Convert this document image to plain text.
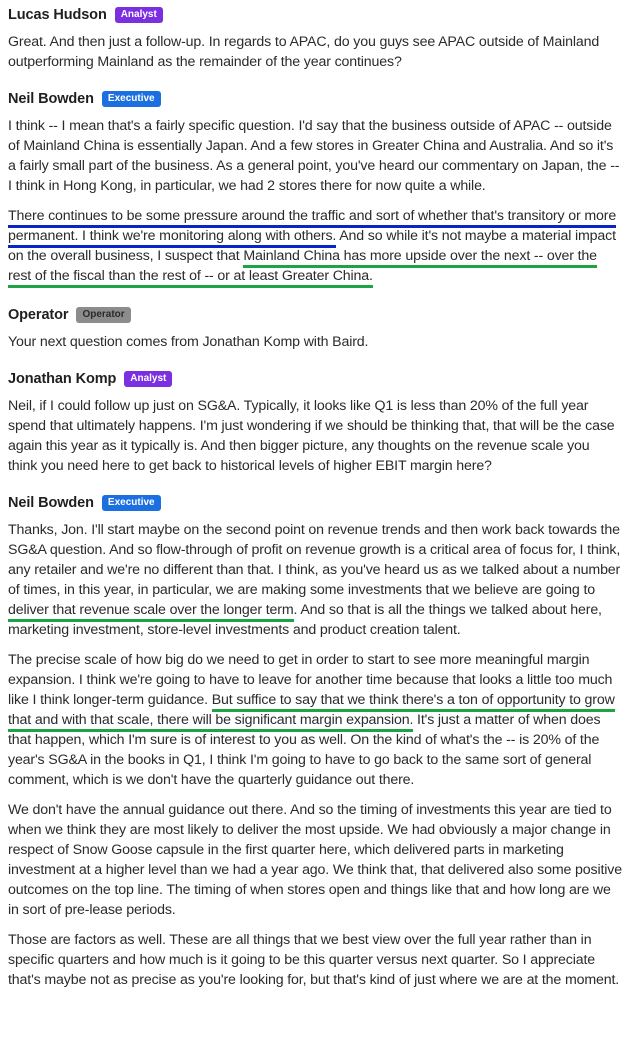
Lucas Hudson	Analyst

Great. And then just a follow-up. In regards to APAC, do you guys see APAC outside of Mainland outperforming Mainland as the remainder of the year continues?

Neil Bowden	Executive

I think -- I mean that's a fairly specific question. I'd say that the business outside of APAC -- outside of Mainland China is essentially Japan. And a few stores in Greater China and Australia. And so it's a fairly small part of the business. As a general point, you've heard our commentary on Japan, the -- I think in Hong Kong, in particular, we had 2 stores there for now quite a while.

There continues to be some pressure around the traffic and sort of whether that's transitory or more permanent. I think we're monitoring along with others. And so while it's not maybe a material impact on the overall business, I suspect that Mainland China has more upside over the next -- over the rest of the fiscal than the rest of -- or at least Greater China.

Operator	Operator

Your next question comes from Jonathan Komp with Baird.

Jonathan Komp	Analyst

Neil, if I could follow up just on SG&A. Typically, it looks like Q1 is less than 20% of the full year spend that ultimately happens. I'm just wondering if we should be thinking that, that will be the case again this year as it typically is. And then bigger picture, any thoughts on the revenue scale you think you need here to get back to historical levels of higher EBIT margin here?

Neil Bowden	Executive

Thanks, Jon. I'll start maybe on the second point on revenue trends and then work back towards the SG&A question. And so flow-through of profit on revenue growth is a critical area of focus for, I think, any retailer and we're no different than that. I think, as you've heard us as we talked about a number of times, in this year, in particular, we are making some investments that we believe are going to deliver that revenue scale over the longer term. And so that is all the things we talked about here, marketing investment, store-level investments and product creation talent.

The precise scale of how big do we need to get in order to start to see more meaningful margin expansion. I think we're going to have to leave for another time because that looks a little too much like I think longer-term guidance. But suffice to say that we think there's a ton of opportunity to grow that and with that scale, there will be significant margin expansion. It's just a matter of when does that happen, which I'm sure is of interest to you as well. On the kind of what's the -- is 20% of the year's SG&A in the books in Q1, I think I'm going to have to go back to the same sort of general comment, which is we don't have the quarterly guidance out there.

We don't have the annual guidance out there. And so the timing of investments this year are tied to when we think they are most likely to deliver the most upside. We had obviously a major change in respect of Snow Goose capsule in the first quarter here, which delivered parts in marketing investment at a higher level than we had a year ago. We think that, that delivered also some positive outcomes on the top line. The timing of when stores open and things like that and how long are we in sort of pre-lease periods.

Those are factors as well. These are all things that we best view over the full year rather than in specific quarters and how much is it going to be this quarter versus next quarter. So I appreciate that's maybe not as precise as you're looking for, but that's kind of just where we are at the moment.
